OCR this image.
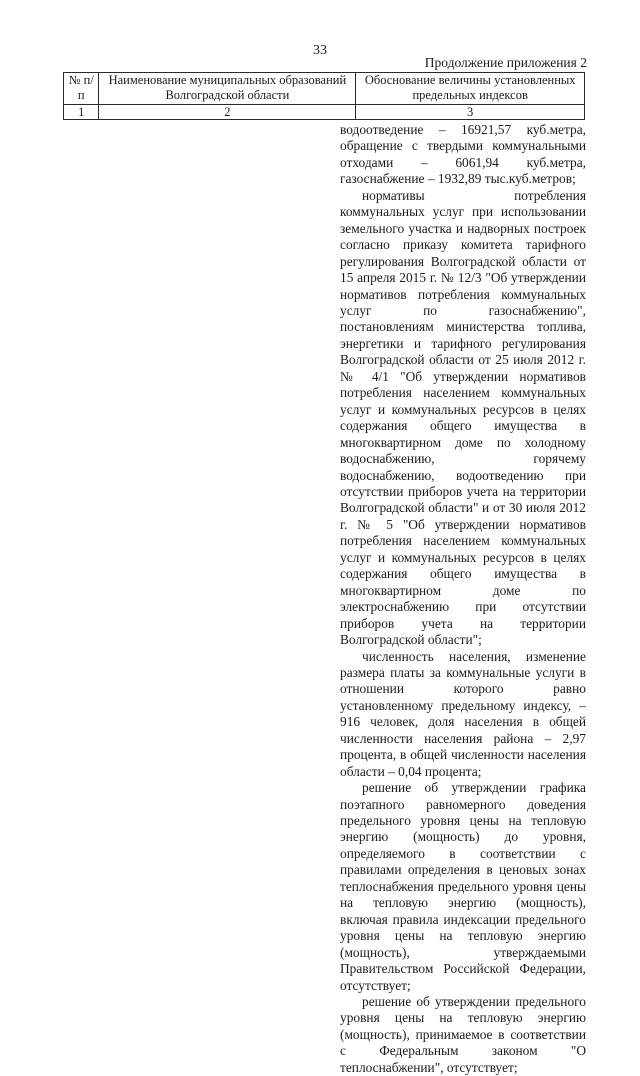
33
Продолжение приложения 2
№ п/п	Наименование муниципальных образований Волгоградской области	Обоснование величины установленных предельных индексов
1	2	3

водоотведение – 16921,57 куб.метра, обращение с твердыми коммунальными отходами – 6061,94 куб.метра, газоснабжение – 1932,89 тыс.куб.метров;

нормативы потребления коммунальных услуг при использовании земельного участка и надворных построек согласно приказу комитета тарифного регулирования Волгоградской области от 15 апреля 2015 г. № 12/3 "Об утверждении нормативов потребления коммунальных услуг по газоснабжению", постановлениям министерства топлива, энергетики и тарифного регулирования Волгоградской области от 25 июля 2012 г. № 4/1 "Об утверждении нормативов потребления населением коммунальных услуг и коммунальных ресурсов в целях содержания общего имущества в многоквартирном доме по холодному водоснабжению, горячему водоснабжению, водоотведению при отсутствии приборов учета на территории Волгоградской области" и от 30 июля 2012 г. № 5 "Об утверждении нормативов потребления населением коммунальных услуг и коммунальных ресурсов в целях содержания общего имущества в многоквартирном доме по электроснабжению при отсутствии приборов учета на территории Волгоградской области";

численность населения, изменение размера платы за коммунальные услуги в отношении которого равно установленному предельному индексу, – 916 человек, доля населения в общей численности населения района – 2,97 процента, в общей численности населения области – 0,04 процента;

решение об утверждении графика поэтапного равномерного доведения предельного уровня цены на тепловую энергию (мощность) до уровня, определяемого в соответствии с правилами определения в ценовых зонах теплоснабжения предельного уровня цены на тепловую энергию (мощность), включая правила индексации предельного уровня цены на тепловую энергию (мощность), утверждаемыми Правительством Российской Федерации, отсутствует;

решение об утверждении предельного уровня цены на тепловую энергию (мощность), принимаемое в соответствии с Федеральным законом "О теплоснабжении", отсутствует;
